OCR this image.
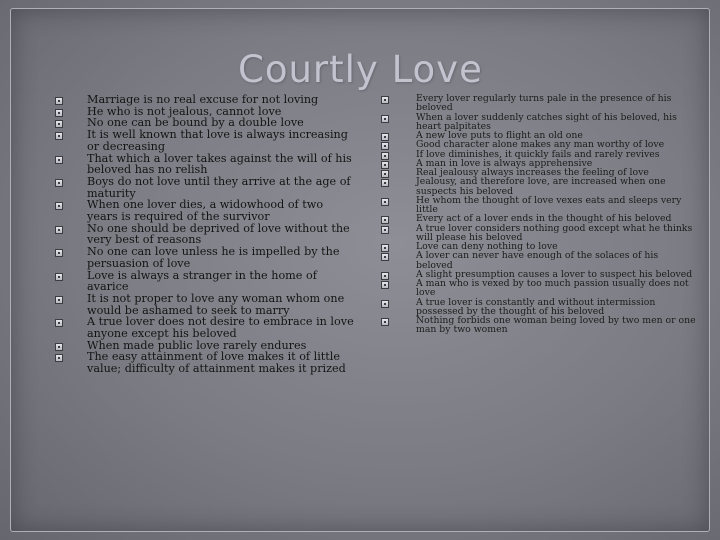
Courtly Love
Marriage is no real excuse for not loving
He who is not jealous, cannot love
No one can be bound by a double love
It is well known that love is always increasing or decreasing
That which a lover takes against the will of his beloved has no relish
Boys do not love until they arrive at the age of maturity
When one lover dies, a widowhood of two years is required of the survivor
No one should be deprived of love without the very best of reasons
No one can love unless he is impelled by the persuasion of love
Love is always a stranger in the home of avarice
It is not proper to love any woman whom one would be ashamed to seek to marry
A true lover does not desire to embrace in love anyone except his beloved
When made public love rarely endures
The easy attainment of love makes it of little value; difficulty of attainment makes it prized
Every lover regularly turns pale in the presence of his beloved
When a lover suddenly catches sight of his beloved, his heart palpitates
A new love puts to flight an old one
Good character alone makes any man worthy of love
If love diminishes, it quickly fails and rarely revives
A man in love is always apprehensive
Real jealousy always increases the feeling of love
Jealousy, and therefore love, are increased when one suspects his beloved
He whom the thought of love vexes eats and sleeps very little
Every act of a lover ends in the thought of his beloved
A true lover considers nothing good except what he thinks will please his beloved
Love can deny nothing to love
A lover can never have enough of the solaces of his beloved
A slight presumption causes a lover to suspect his beloved
A man who is vexed by too much passion usually does not love
A true lover is constantly and without intermission possessed by the thought of his beloved
Nothing forbids one woman being loved by two men or one man by two women
